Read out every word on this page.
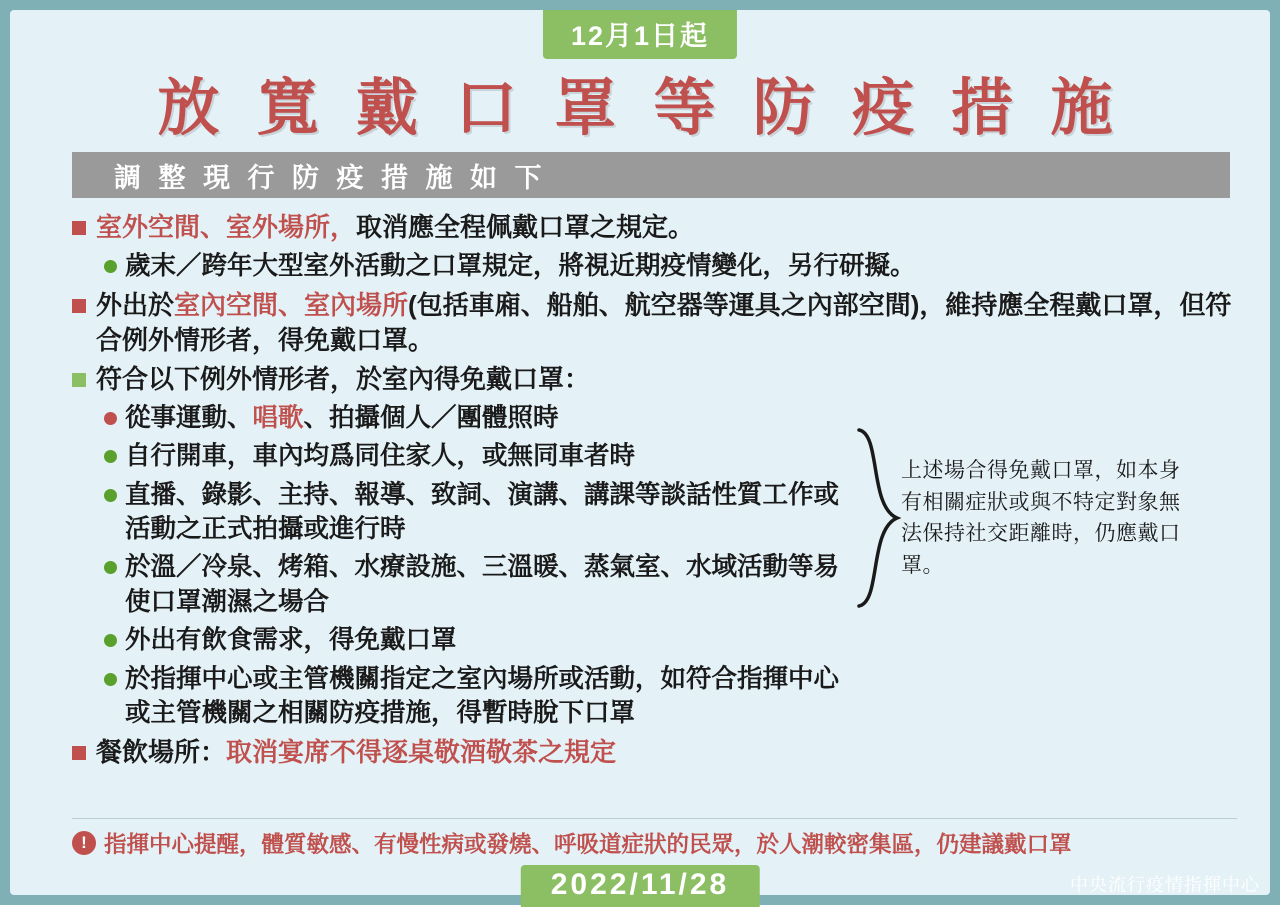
12月1日起
放 寬 戴 口 罩 等 防 疫 措 施
調 整 現 行 防 疫 措 施 如 下
室外空間、室外場所，取消應全程佩戴口罩之規定。
歲末／跨年大型室外活動之口罩規定，將視近期疫情變化，另行研擬。
外出於室內空間、室內場所(包括車廂、船舶、航空器等運具之內部空間)，維持應全程戴口罩，但符合例外情形者，得免戴口罩。
符合以下例外情形者，於室內得免戴口罩：
從事運動、唱歌、拍攝個人／團體照時
自行開車，車內均爲同住家人，或無同車者時
直播、錄影、主持、報導、致詞、演講、講課等談話性質工作或活動之正式拍攝或進行時
於溫／冷泉、烤箱、水療設施、三溫暖、蒸氣室、水域活動等易使口罩潮濕之場合
外出有飲食需求，得免戴口罩
於指揮中心或主管機關指定之室內場所或活動，如符合指揮中心或主管機關之相關防疫措施，得暫時脫下口罩
餐飲場所：取消宴席不得逐桌敬酒敬茶之規定
上述場合得免戴口罩，如本身有相關症狀或與不特定對象無法保持社交距離時，仍應戴口罩。
! 指揮中心提醒，體質敏感、有慢性病或發燒、呼吸道症狀的民眾，於人潮較密集區，仍建議戴口罩
2022/11/28	中央流行疫情指揮中心
